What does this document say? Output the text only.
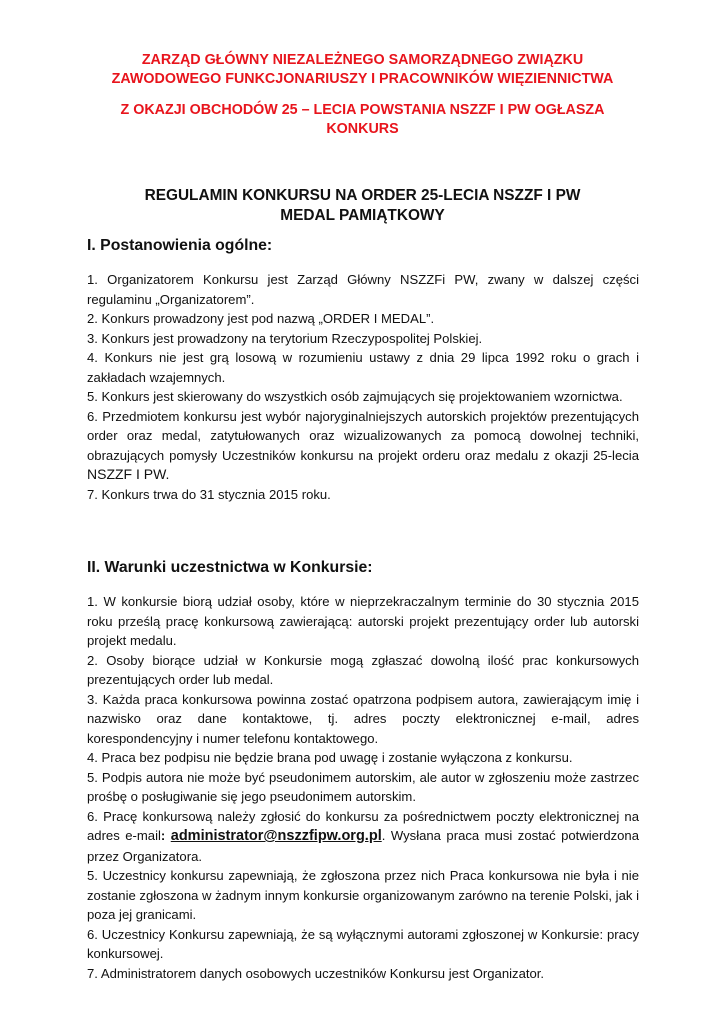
ZARZĄD GŁÓWNY NIEZALEŻNEGO SAMORZĄDNEGO ZWIĄZKU
ZAWODOWEGO FUNKCJONARIUSZY I PRACOWNIKÓW WIĘZIENNICTWA
Z OKAZJI OBCHODÓW 25 – LECIA POWSTANIA NSZZF I PW OGŁASZA
KONKURS
REGULAMIN KONKURSU NA ORDER 25-LECIA NSZZF I PW
MEDAL PAMIĄTKOWY
I. Postanowienia ogólne:

1. Organizatorem Konkursu jest Zarząd Główny NSZZFi PW, zwany w dalszej części regulaminu „Organizatorem”.

2. Konkurs prowadzony jest pod nazwą „ORDER I MEDAL”.

3. Konkurs jest prowadzony na terytorium Rzeczypospolitej Polskiej.

4. Konkurs nie jest grą losową w rozumieniu ustawy z dnia 29 lipca 1992 roku o grach i zakładach wzajemnych.

5. Konkurs jest skierowany do wszystkich osób zajmujących się projektowaniem wzornictwa.

6. Przedmiotem konkursu jest wybór najoryginalniejszych autorskich projektów prezentujących order oraz medal, zatytułowanych oraz wizualizowanych za pomocą dowolnej techniki, obrazujących pomysły Uczestników konkursu na projekt orderu oraz medalu z okazji 25-lecia NSZZF I PW.

7. Konkurs trwa do 31 stycznia 2015 roku.

II. Warunki uczestnictwa w Konkursie:

1. W konkursie biorą udział osoby, które w nieprzekraczalnym terminie do 30 stycznia 2015 roku prześlą pracę konkursową zawierającą: autorski projekt prezentujący order lub autorski projekt medalu.

2. Osoby biorące udział w Konkursie mogą zgłaszać dowolną ilość prac konkursowych prezentujących order lub medal.

3. Każda praca konkursowa powinna zostać opatrzona podpisem autora, zawierającym imię i nazwisko oraz dane kontaktowe, tj. adres poczty elektronicznej e-mail, adres korespondencyjny i numer telefonu kontaktowego.

4. Praca bez podpisu nie będzie brana pod uwagę i zostanie wyłączona z konkursu.

5. Podpis autora nie może być pseudonimem autorskim, ale autor w zgłoszeniu może zastrzec prośbę o posługiwanie się jego pseudonimem autorskim.

6. Pracę konkursową należy zgłosić do konkursu za pośrednictwem poczty elektronicznej na adres e-mail: administrator@nszzfipw.org.pl. Wysłana praca musi zostać potwierdzona przez Organizatora.

5. Uczestnicy konkursu zapewniają, że zgłoszona przez nich Praca konkursowa nie była i nie zostanie zgłoszona w żadnym innym konkursie organizowanym zarówno na terenie Polski, jak i poza jej granicami.

6. Uczestnicy Konkursu zapewniają, że są wyłącznymi autorami zgłoszonej w Konkursie: pracy konkursowej.

7. Administratorem danych osobowych uczestników Konkursu jest Organizator.
